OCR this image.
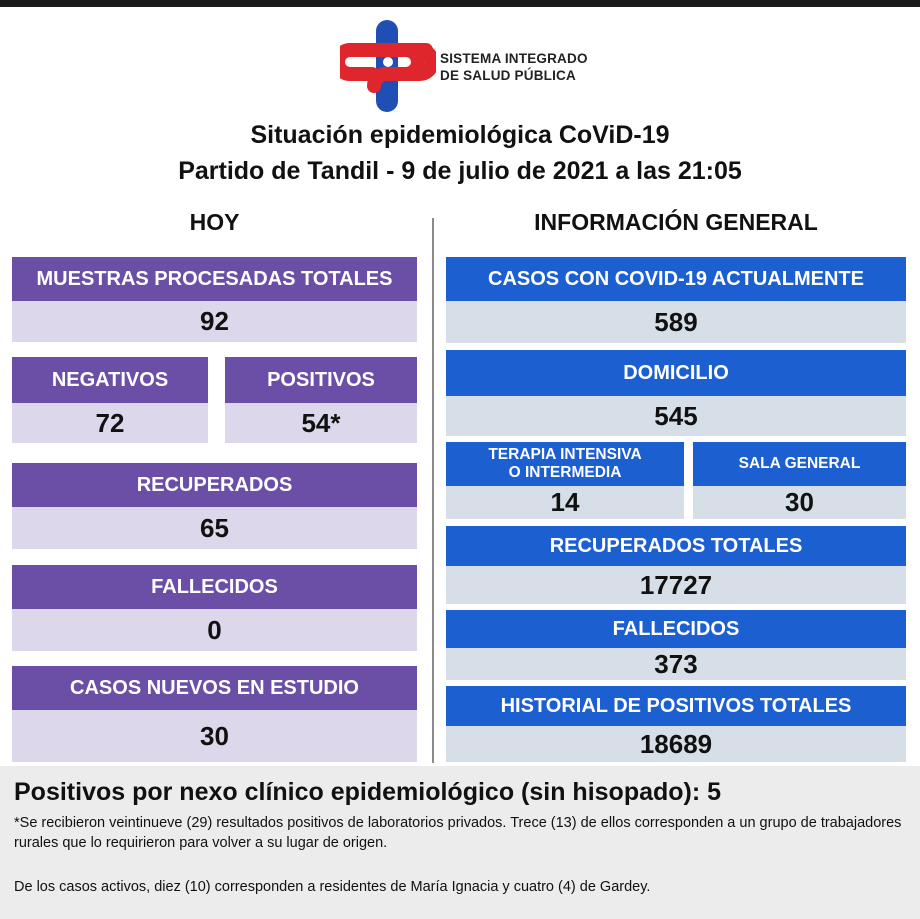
SISTEMA INTEGRADO
DE SALUD PÚBLICA
Situación epidemiológica CoViD-19
Partido de Tandil - 9 de julio de 2021 a las 21:05
HOY	INFORMACIÓN GENERAL
MUESTRAS PROCESADAS TOTALES
92
NEGATIVOS
72
POSITIVOS
54*
RECUPERADOS
65
FALLECIDOS
0
CASOS NUEVOS EN ESTUDIO
30
CASOS CON COVID-19 ACTUALMENTE
589
DOMICILIO
545
TERAPIA INTENSIVA
O INTERMEDIA
14
SALA GENERAL
30
RECUPERADOS TOTALES
17727
FALLECIDOS
373
HISTORIAL DE POSITIVOS TOTALES
18689
Positivos por nexo clínico epidemiológico (sin hisopado): 5
*Se recibieron veintinueve (29) resultados positivos de laboratorios privados. Trece (13) de ellos corresponden a un grupo de trabajadores rurales que lo requirieron para volver a su lugar de origen.
De los casos activos, diez (10) corresponden a residentes de María Ignacia y cuatro (4) de Gardey.
